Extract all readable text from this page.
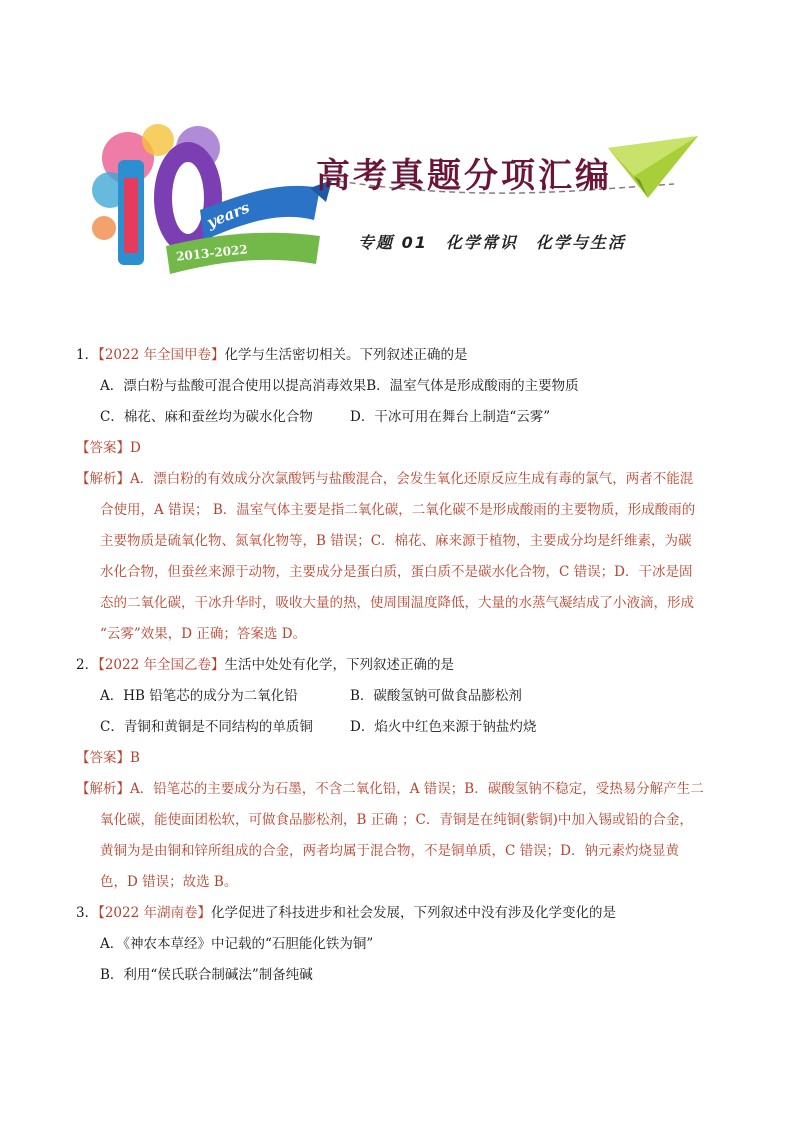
高考真题分项汇编
years
2013-2022	专题 01　化学常识　化学与生活
1．【2022 年全国甲卷】化学与生活密切相关。下列叙述正确的是
A．漂白粉与盐酸可混合使用以提高消毒效果B．温室气体是形成酸雨的主要物质
C．棉花、麻和蚕丝均为碳水化合物	D．干冰可用在舞台上制造“云雾”
【答案】D
【解析】A．漂白粉的有效成分次氯酸钙与盐酸混合，会发生氧化还原反应生成有毒的氯气，两者不能混
合使用，A 错误； B．温室气体主要是指二氧化碳，二氧化碳不是形成酸雨的主要物质，形成酸雨的
主要物质是硫氧化物、氮氧化物等，B 错误；C．棉花、麻来源于植物，主要成分均是纤维素，为碳
水化合物，但蚕丝来源于动物，主要成分是蛋白质，蛋白质不是碳水化合物，C 错误；D．干冰是固
态的二氧化碳，干冰升华时，吸收大量的热，使周围温度降低，大量的水蒸气凝结成了小液滴，形成
“云雾”效果，D 正确；答案选 D。
2．【2022 年全国乙卷】生活中处处有化学，下列叙述正确的是
A．HB 铅笔芯的成分为二氧化铅	B．碳酸氢钠可做食品膨松剂
C．青铜和黄铜是不同结构的单质铜	D．焰火中红色来源于钠盐灼烧
【答案】B
【解析】A．铅笔芯的主要成分为石墨，不含二氧化铅，A 错误；B．碳酸氢钠不稳定，受热易分解产生二
氧化碳，能使面团松软，可做食品膨松剂，B 正确 ；C．青铜是在纯铜(紫铜)中加入锡或铅的合金，
黄铜为是由铜和锌所组成的合金，两者均属于混合物，不是铜单质，C 错误；D．钠元素灼烧显黄
色，D 错误；故选 B。
3．【2022 年湖南卷】化学促进了科技进步和社会发展，下列叙述中没有涉及化学变化的是
A．《神农本草经》中记载的“石胆能化铁为铜”
B．利用“侯氏联合制碱法”制备纯碱
